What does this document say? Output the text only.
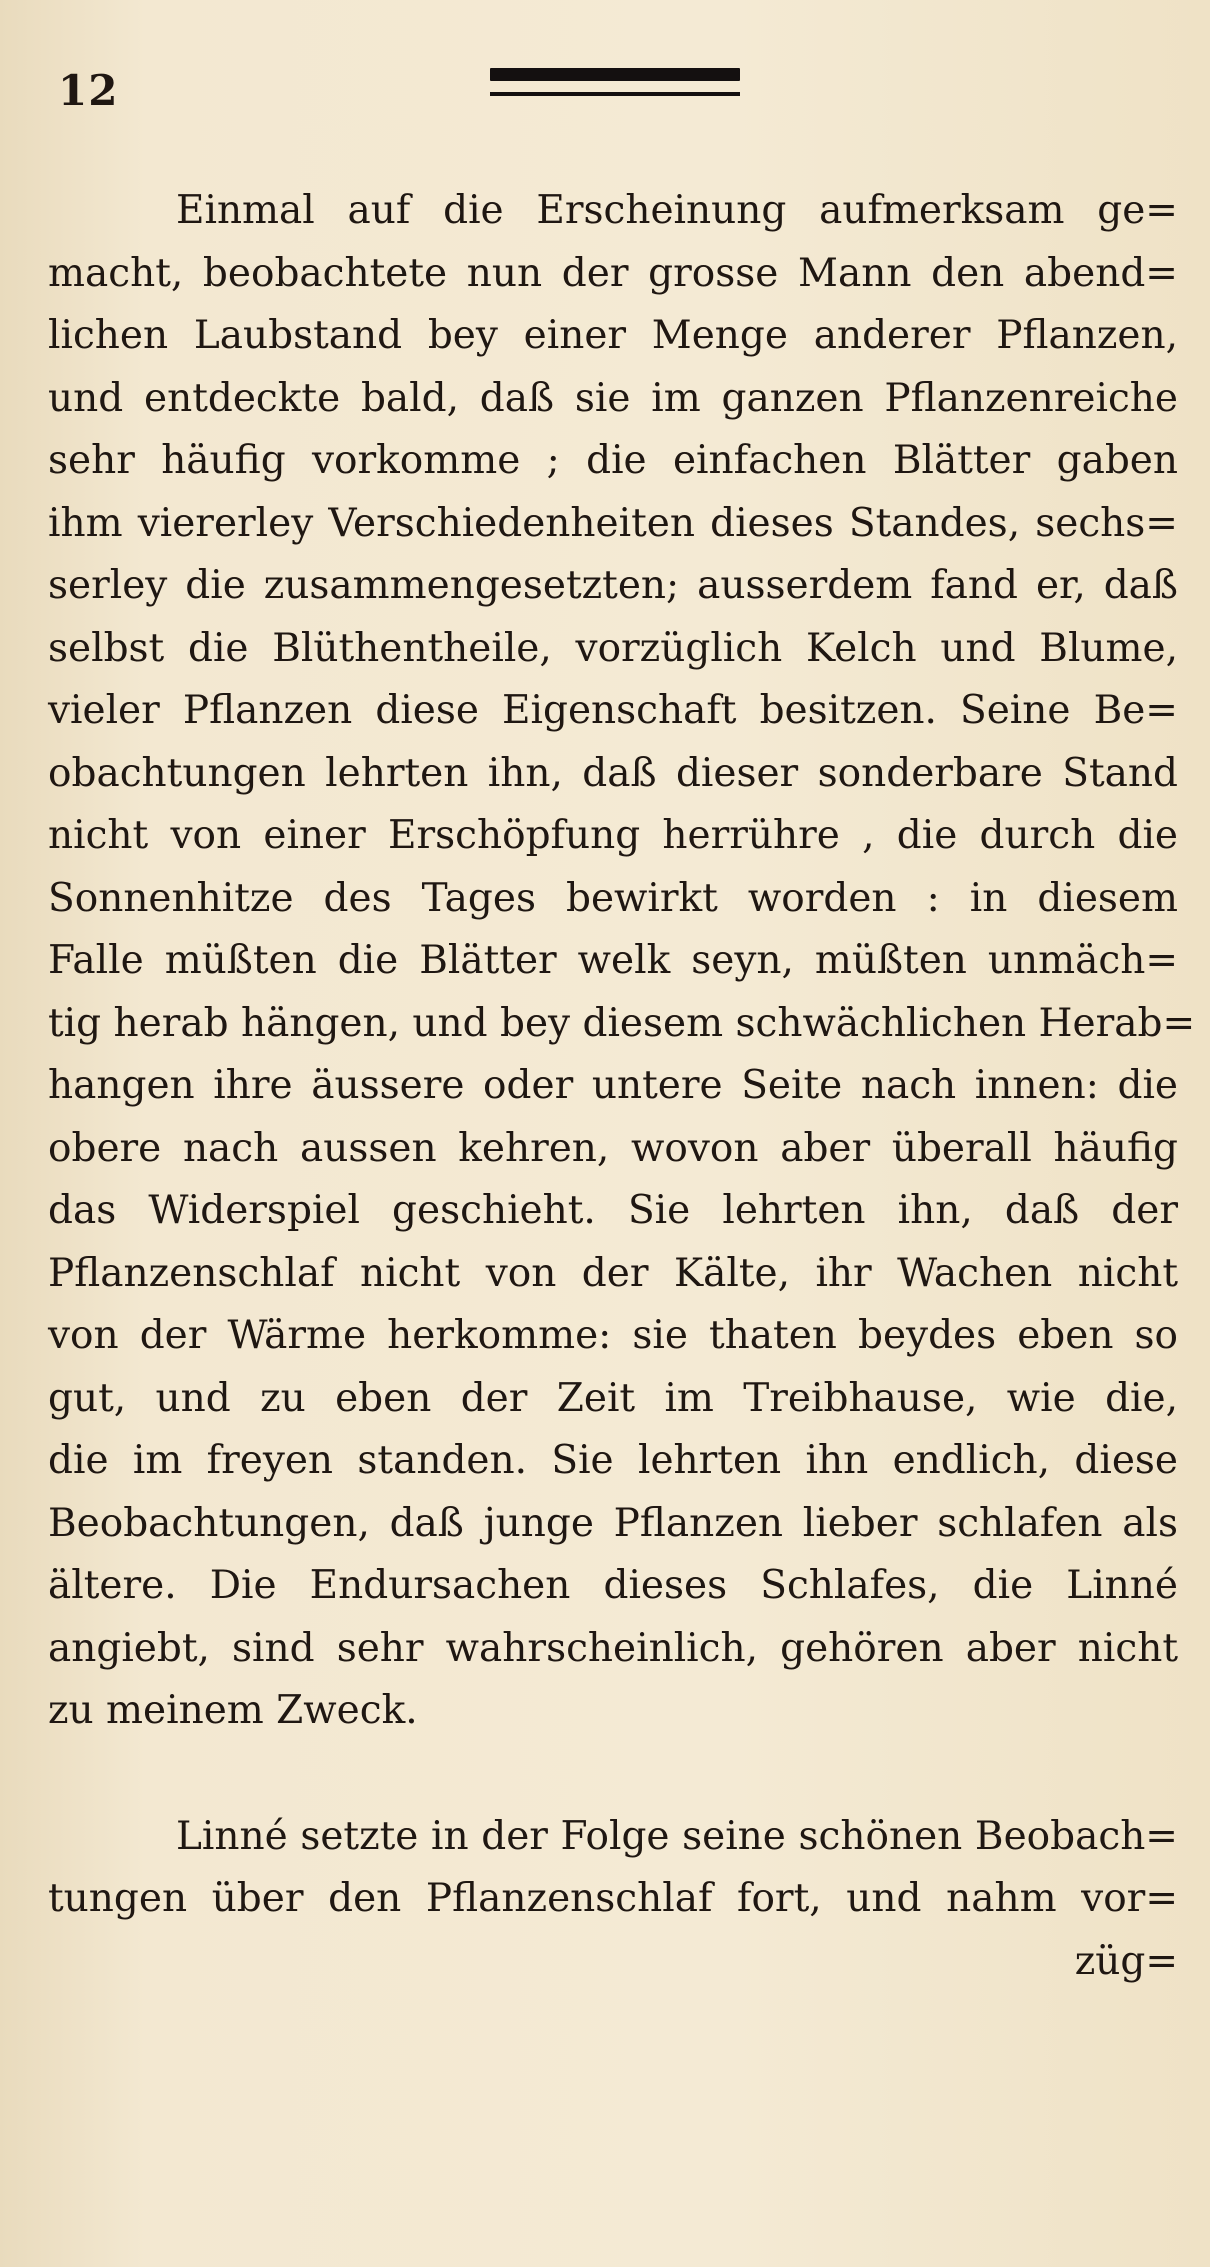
12
Einmal auf die Erscheinung aufmerksam ge=
macht, beobachtete nun der grosse Mann den abend=
lichen Laubstand bey einer Menge anderer Pflanzen,
und entdeckte bald, daß sie im ganzen Pflanzenreiche
sehr häufig vorkomme ; die einfachen Blätter gaben
ihm viererley Verschiedenheiten dieses Standes, sechs=
serley die zusammengesetzten; ausserdem fand er, daß
selbst die Blüthentheile, vorzüglich Kelch und Blume,
vieler Pflanzen diese Eigenschaft besitzen. Seine Be=
obachtungen lehrten ihn, daß dieser sonderbare Stand
nicht von einer Erschöpfung herrühre , die durch die
Sonnenhitze des Tages bewirkt worden : in diesem
Falle müßten die Blätter welk seyn, müßten unmäch=
tig herab hängen, und bey diesem schwächlichen Herab=
hangen ihre äussere oder untere Seite nach innen: die
obere nach aussen kehren, wovon aber überall häufig
das Widerspiel geschieht. Sie lehrten ihn, daß der
Pflanzenschlaf nicht von der Kälte, ihr Wachen nicht
von der Wärme herkomme: sie thaten beydes eben so
gut, und zu eben der Zeit im Treibhause, wie die,
die im freyen standen. Sie lehrten ihn endlich, diese
Beobachtungen, daß junge Pflanzen lieber schlafen als
ältere. Die Endursachen dieses Schlafes, die Linné
angiebt, sind sehr wahrscheinlich, gehören aber nicht
zu meinem Zweck.
Linné setzte in der Folge seine schönen Beobach=
tungen über den Pflanzenschlaf fort, und nahm vor=
züg=
